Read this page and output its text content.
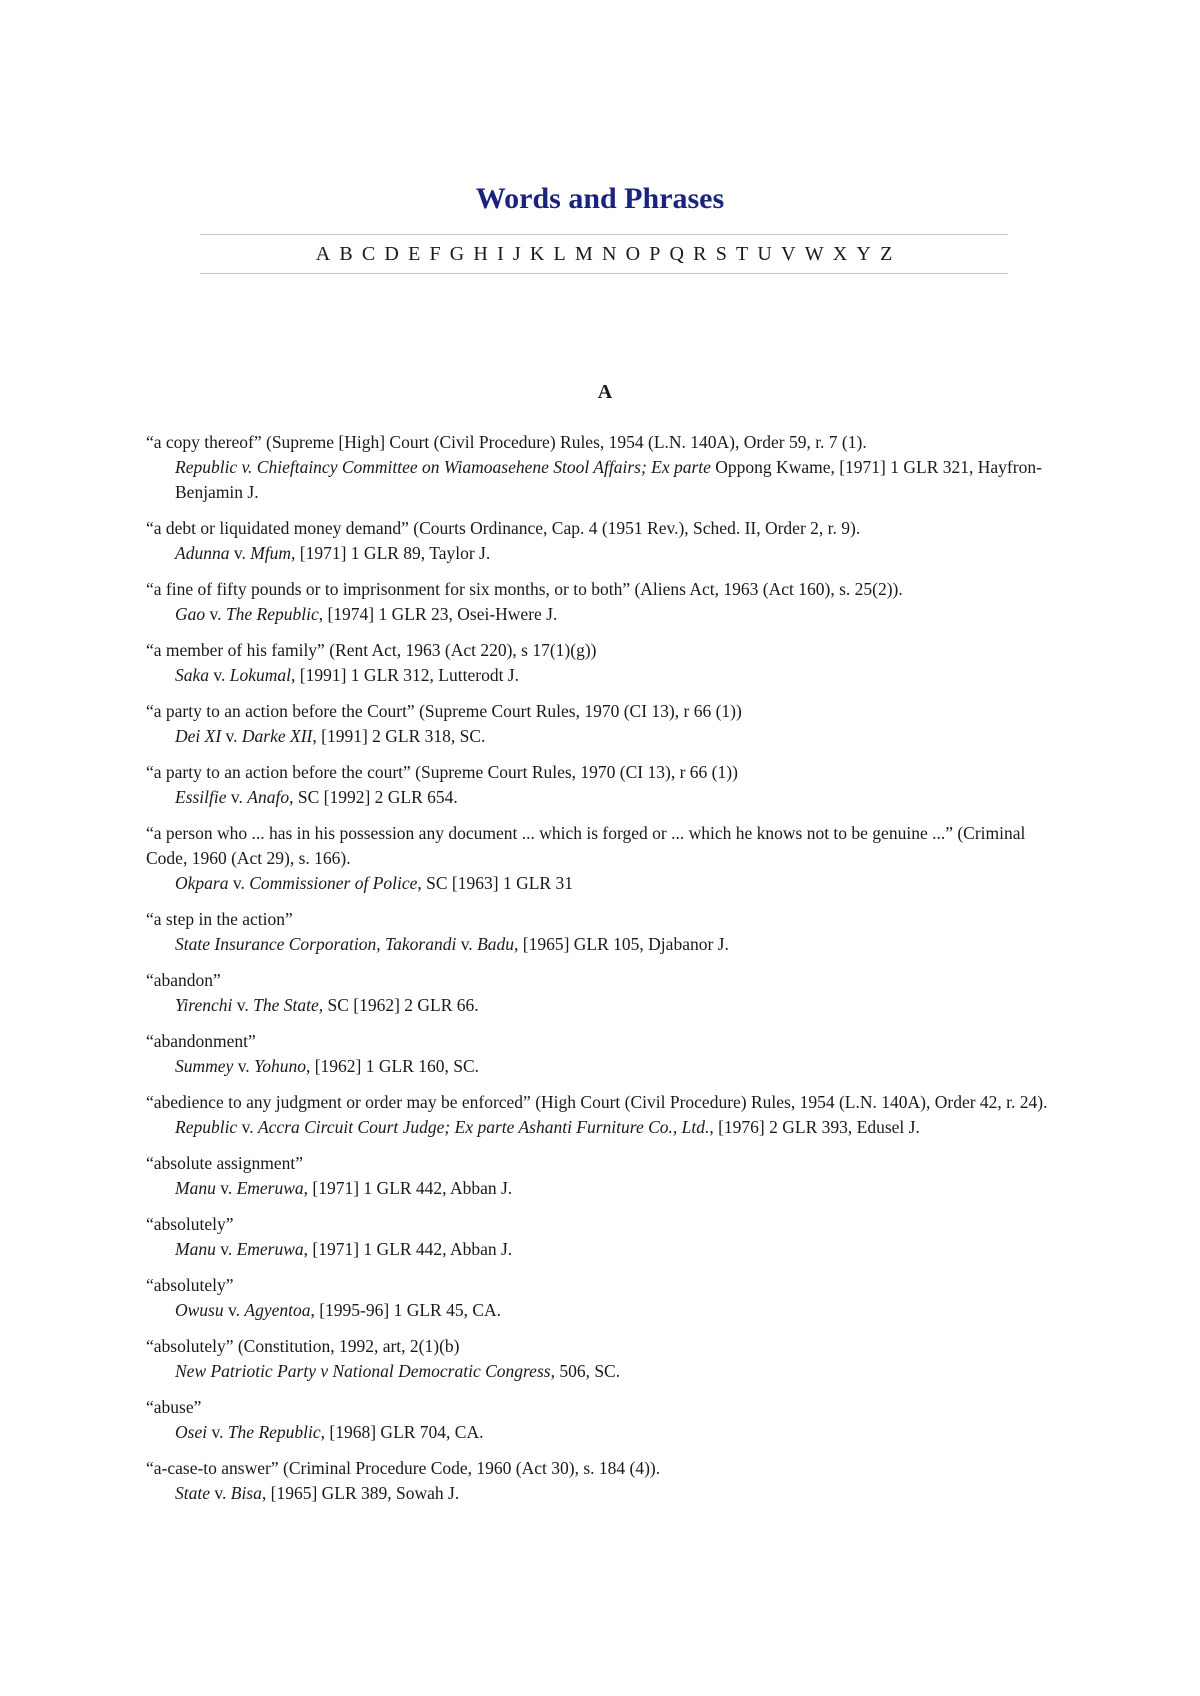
Words and Phrases
A B C D E F G H I J K L M N O P Q R S T U V W X Y Z
A
“a copy thereof” (Supreme [High] Court (Civil Procedure) Rules, 1954 (L.N. 140A), Order 59, r. 7 (1).
Republic v. Chieftaincy Committee on Wiamoasehene Stool Affairs; Ex parte Oppong Kwame, [1971] 1 GLR 321, Hayfron-Benjamin J.
“a debt or liquidated money demand” (Courts Ordinance, Cap. 4 (1951 Rev.), Sched. II, Order 2, r. 9).
Adunna v. Mfum, [1971] 1 GLR 89, Taylor J.
“a fine of fifty pounds or to imprisonment for six months, or to both” (Aliens Act, 1963 (Act 160), s. 25(2)).
Gao v. The Republic, [1974] 1 GLR 23, Osei-Hwere J.
“a member of his family” (Rent Act, 1963 (Act 220), s 17(1)(g))
Saka v. Lokumal, [1991] 1 GLR 312, Lutterodt J.
“a party to an action before the Court” (Supreme Court Rules, 1970 (CI 13), r 66 (1))
Dei XI v. Darke XII, [1991] 2 GLR 318, SC.
“a party to an action before the court” (Supreme Court Rules, 1970 (CI 13), r 66 (1))
Essilfie v. Anafo, SC [1992] 2 GLR 654.
“a person who ... has in his possession any document ... which is forged or ... which he knows not to be genuine ...” (Criminal Code, 1960 (Act 29), s. 166).
Okpara v. Commissioner of Police, SC [1963] 1 GLR 31
“a step in the action”
State Insurance Corporation, Takorandi v. Badu, [1965] GLR 105, Djabanor J.
“abandon”
Yirenchi v. The State, SC [1962] 2 GLR 66.
“abandonment”
Summey v. Yohuno, [1962] 1 GLR 160, SC.
“abedience to any judgment or order may be enforced” (High Court (Civil Procedure) Rules, 1954 (L.N. 140A), Order 42, r. 24).
Republic v. Accra Circuit Court Judge; Ex parte Ashanti Furniture Co., Ltd., [1976] 2 GLR 393, Edusel J.
“absolute assignment”
Manu v. Emeruwa, [1971] 1 GLR 442, Abban J.
“absolutely”
Manu v. Emeruwa, [1971] 1 GLR 442, Abban J.
“absolutely”
Owusu v. Agyentoa, [1995-96] 1 GLR 45, CA.
“absolutely” (Constitution, 1992, art, 2(1)(b)
New Patriotic Party v National Democratic Congress, 506, SC.
“abuse”
Osei v. The Republic, [1968] GLR 704, CA.
“a-case-to answer” (Criminal Procedure Code, 1960 (Act 30), s. 184 (4)).
State v. Bisa, [1965] GLR 389, Sowah J.
